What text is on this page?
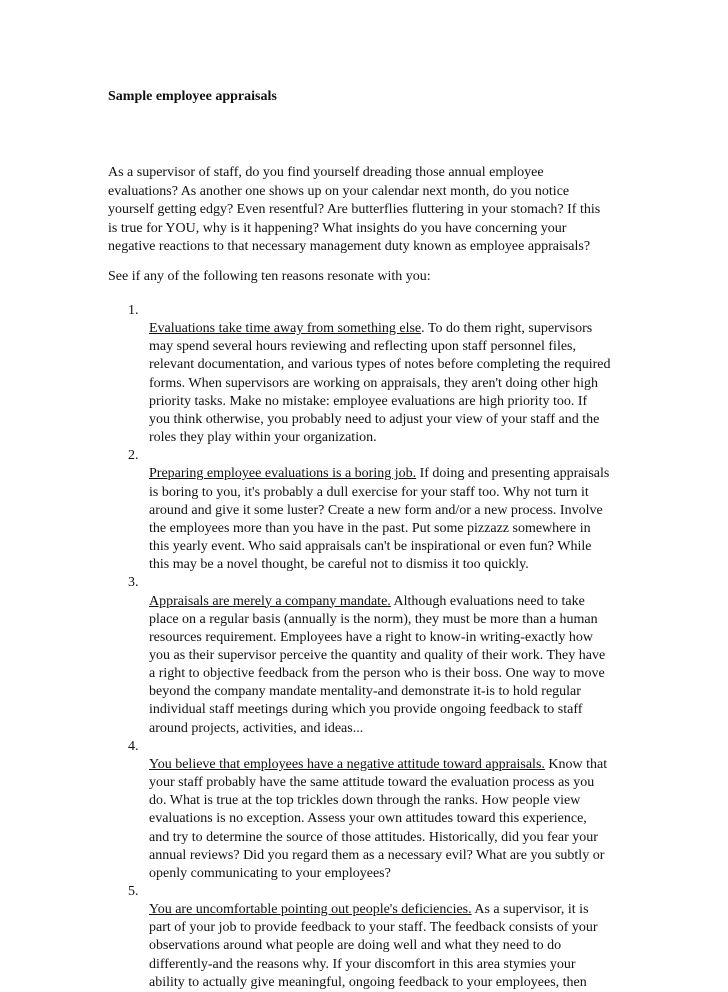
Sample employee appraisals

As a supervisor of staff, do you find yourself dreading those annual employee
evaluations? As another one shows up on your calendar next month, do you notice
yourself getting edgy? Even resentful? Are butterflies fluttering in your stomach? If this
is true for YOU, why is it happening? What insights do you have concerning your
negative reactions to that necessary management duty known as employee appraisals?

See if any of the following ten reasons resonate with you:

1.
Evaluations take time away from something else. To do them right, supervisors
may spend several hours reviewing and reflecting upon staff personnel files,
relevant documentation, and various types of notes before completing the required
forms. When supervisors are working on appraisals, they aren't doing other high
priority tasks. Make no mistake: employee evaluations are high priority too. If
you think otherwise, you probably need to adjust your view of your staff and the
roles they play within your organization.

2.
Preparing employee evaluations is a boring job. If doing and presenting appraisals
is boring to you, it's probably a dull exercise for your staff too. Why not turn it
around and give it some luster? Create a new form and/or a new process. Involve
the employees more than you have in the past. Put some pizzazz somewhere in
this yearly event. Who said appraisals can't be inspirational or even fun? While
this may be a novel thought, be careful not to dismiss it too quickly.

3.
Appraisals are merely a company mandate. Although evaluations need to take
place on a regular basis (annually is the norm), they must be more than a human
resources requirement. Employees have a right to know-in writing-exactly how
you as their supervisor perceive the quantity and quality of their work. They have
a right to objective feedback from the person who is their boss. One way to move
beyond the company mandate mentality-and demonstrate it-is to hold regular
individual staff meetings during which you provide ongoing feedback to staff
around projects, activities, and ideas...

4.
You believe that employees have a negative attitude toward appraisals. Know that
your staff probably have the same attitude toward the evaluation process as you
do. What is true at the top trickles down through the ranks. How people view
evaluations is no exception. Assess your own attitudes toward this experience,
and try to determine the source of those attitudes. Historically, did you fear your
annual reviews? Did you regard them as a necessary evil? What are you subtly or
openly communicating to your employees?

5.
You are uncomfortable pointing out people's deficiencies. As a supervisor, it is
part of your job to provide feedback to your staff. The feedback consists of your
observations around what people are doing well and what they need to do
differently-and the reasons why. If your discomfort in this area stymies your
ability to actually give meaningful, ongoing feedback to your employees, then
